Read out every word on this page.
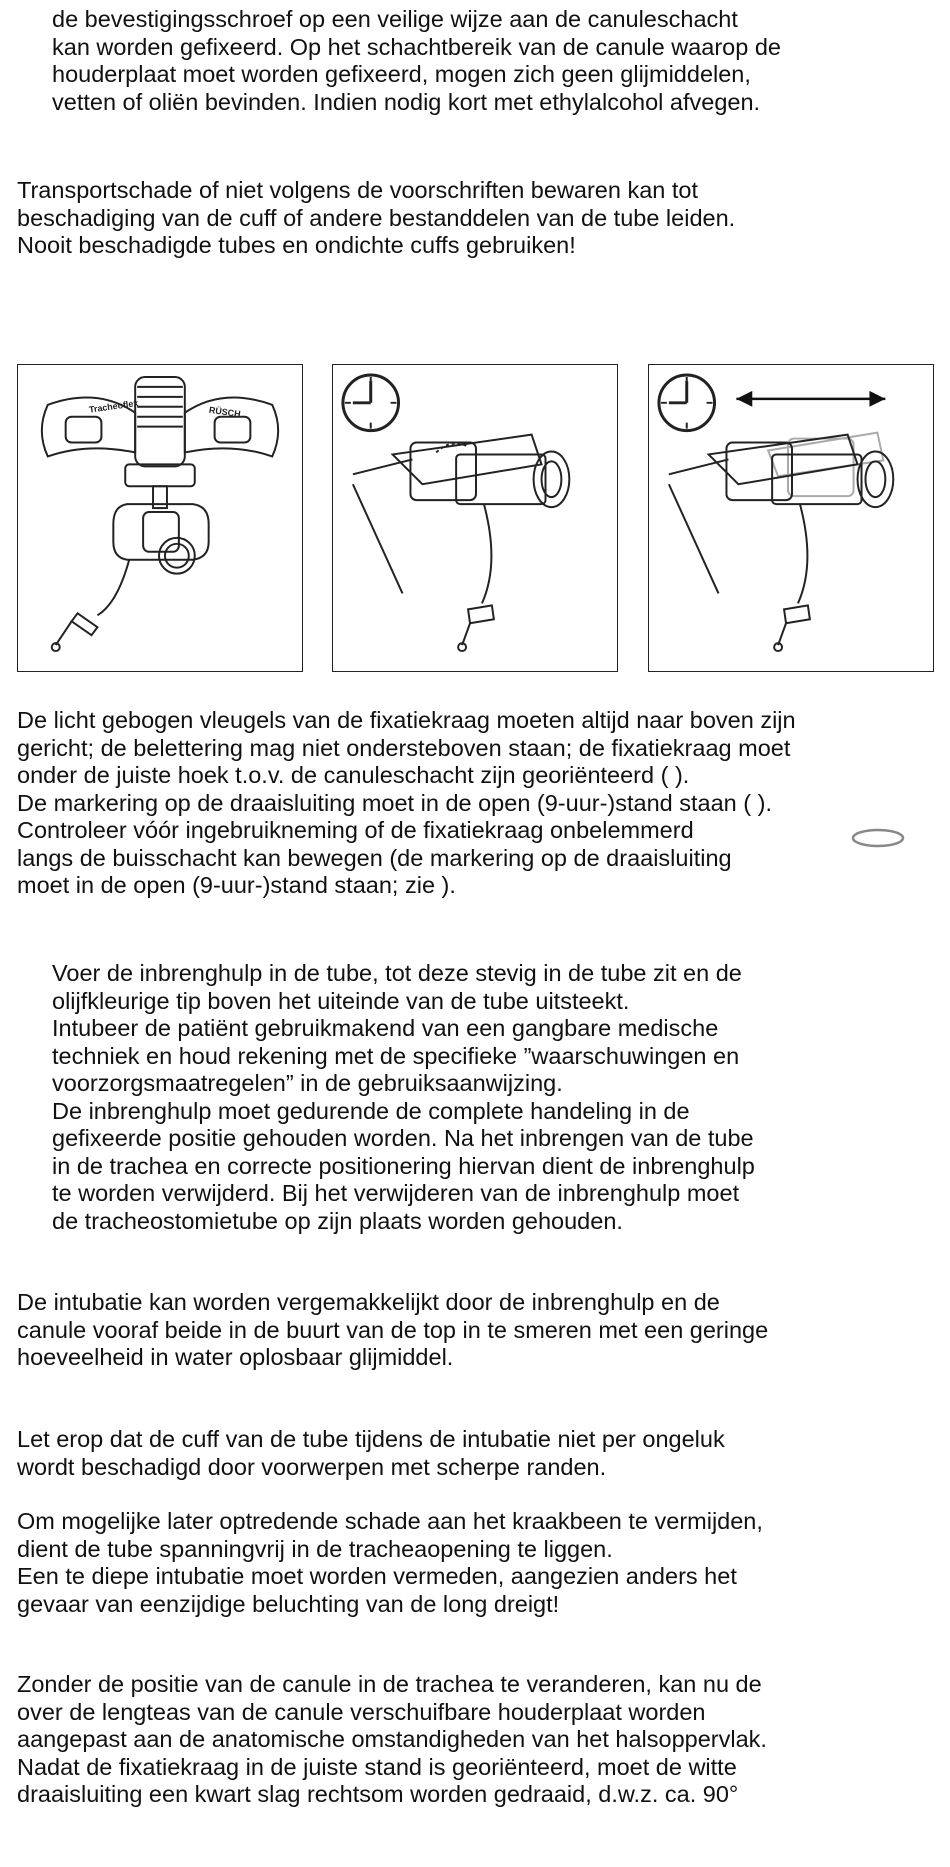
de bevestigingsschroef op een veilige wijze aan de canuleschacht
kan worden gefixeerd. Op het schachtbereik van de canule waarop de
houderplaat moet worden gefixeerd, mogen zich geen glijmiddelen,
vetten of oliën bevinden. Indien nodig kort met ethylalcohol afvegen.
Transportschade of niet volgens de voorschriften bewaren kan tot
beschadiging van de cuff of andere bestanddelen van de tube leiden.
Nooit beschadigde tubes en ondichte cuffs gebruiken!
Tracheoflex	RÜSCH
De licht gebogen vleugels van de fixatiekraag moeten altijd naar boven zijn
gericht; de belettering mag niet ondersteboven staan; de fixatiekraag moet
onder de juiste hoek t.o.v. de canuleschacht zijn georiënteerd ( ).
De markering op de draaisluiting moet in de open (9-uur-)stand staan ( ).
Controleer vóór ingebruikneming of de fixatiekraag onbelemmerd
langs de buisschacht kan bewegen (de markering op de draaisluiting
moet in de open (9-uur-)stand staan; zie ).
Voer de inbrenghulp in de tube, tot deze stevig in de tube zit en de
olijfkleurige tip boven het uiteinde van de tube uitsteekt.
Intubeer de patiënt gebruikmakend van een gangbare medische
techniek en houd rekening met de specifieke ”waarschuwingen en
voorzorgsmaatregelen” in de gebruiksaanwijzing.
De inbrenghulp moet gedurende de complete handeling in de
gefixeerde positie gehouden worden. Na het inbrengen van de tube
in de trachea en correcte positionering hiervan dient de inbrenghulp
te worden verwijderd. Bij het verwijderen van de inbrenghulp moet
de tracheostomietube op zijn plaats worden gehouden.
De intubatie kan worden vergemakkelijkt door de inbrenghulp en de
canule vooraf beide in de buurt van de top in te smeren met een geringe
hoeveelheid in water oplosbaar glijmiddel.
Let erop dat de cuff van de tube tijdens de intubatie niet per ongeluk
wordt beschadigd door voorwerpen met scherpe randen.
Om mogelijke later optredende schade aan het kraakbeen te vermijden,
dient de tube spanningvrij in de tracheaopening te liggen.
Een te diepe intubatie moet worden vermeden, aangezien anders het
gevaar van eenzijdige beluchting van de long dreigt!
Zonder de positie van de canule in de trachea te veranderen, kan nu de
over de lengteas van de canule verschuifbare houderplaat worden
aangepast aan de anatomische omstandigheden van het halsoppervlak.
Nadat de fixatiekraag in de juiste stand is georiënteerd, moet de witte
draaisluiting een kwart slag rechtsom worden gedraaid, d.w.z. ca. 90°
